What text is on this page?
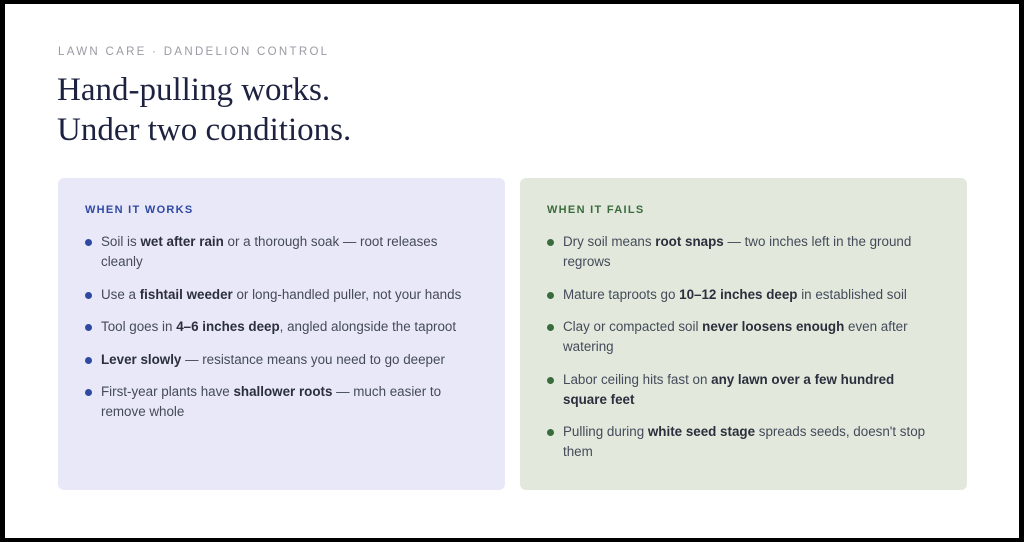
LAWN CARE · DANDELION CONTROL
Hand-pulling works.
Under two conditions.
WHEN IT WORKS
Soil is wet after rain or a thorough soak — root releases cleanly
Use a fishtail weeder or long-handled puller, not your hands
Tool goes in 4–6 inches deep, angled alongside the taproot
Lever slowly — resistance means you need to go deeper
First-year plants have shallower roots — much easier to remove whole
WHEN IT FAILS
Dry soil means root snaps — two inches left in the ground regrows
Mature taproots go 10–12 inches deep in established soil
Clay or compacted soil never loosens enough even after watering
Labor ceiling hits fast on any lawn over a few hundred square feet
Pulling during white seed stage spreads seeds, doesn't stop them
